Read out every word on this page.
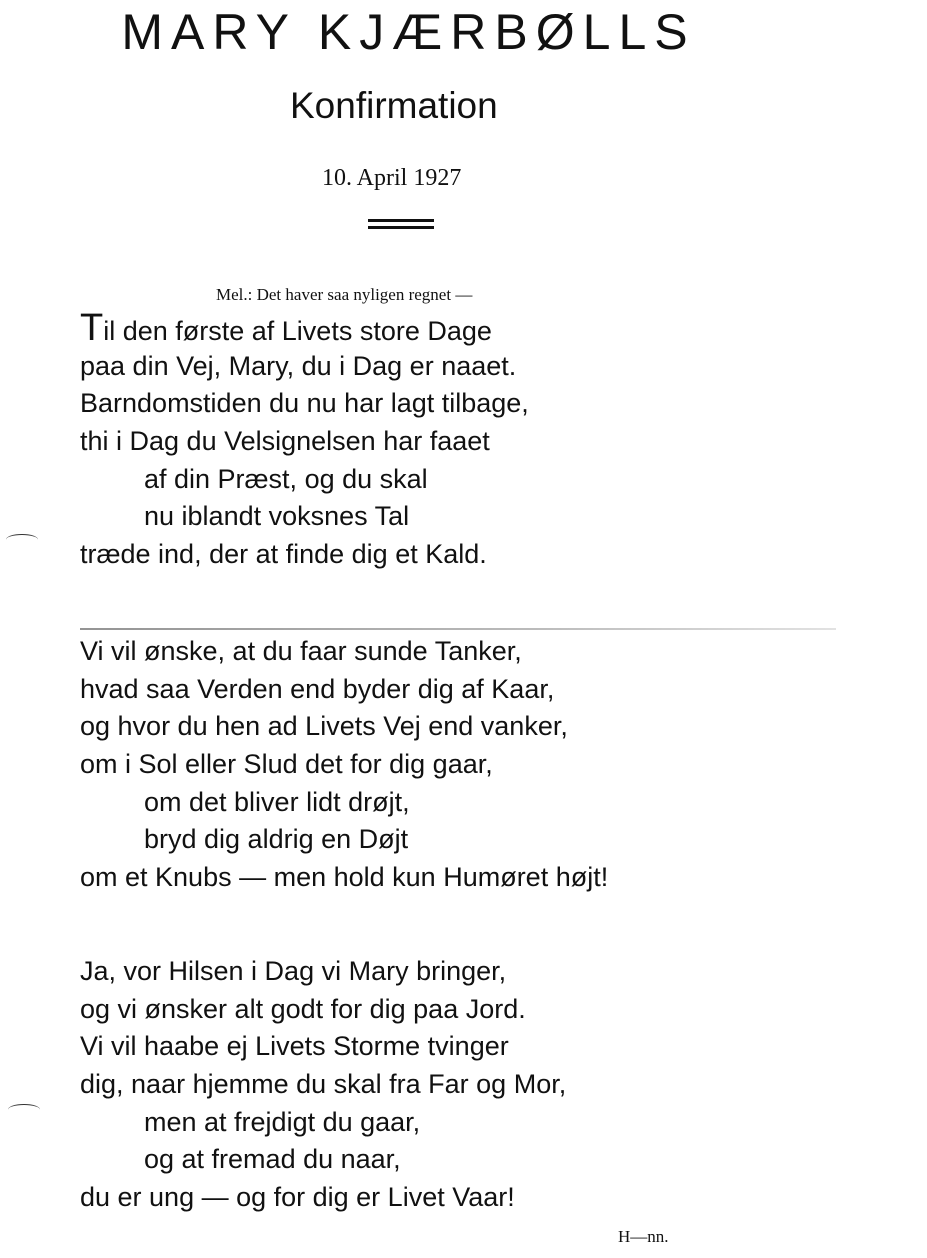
MARY KJÆRBØLLS
Konfirmation
10. April 1927
Mel.: Det haver saa nyligen regnet —
Til den første af Livets store Dage
paa din Vej, Mary, du i Dag er naaet.
Barndomstiden du nu har lagt tilbage,
thi i Dag du Velsignelsen har faaet
af din Præst, og du skal
nu iblandt voksnes Tal
træde ind, der at finde dig et Kald.
Vi vil ønske, at du faar sunde Tanker,
hvad saa Verden end byder dig af Kaar,
og hvor du hen ad Livets Vej end vanker,
om i Sol eller Slud det for dig gaar,
om det bliver lidt drøjt,
bryd dig aldrig en Døjt
om et Knubs — men hold kun Humøret højt!
Ja, vor Hilsen i Dag vi Mary bringer,
og vi ønsker alt godt for dig paa Jord.
Vi vil haabe ej Livets Storme tvinger
dig, naar hjemme du skal fra Far og Mor,
men at frejdigt du gaar,
og at fremad du naar,
du er ung — og for dig er Livet Vaar!
H—nn.
